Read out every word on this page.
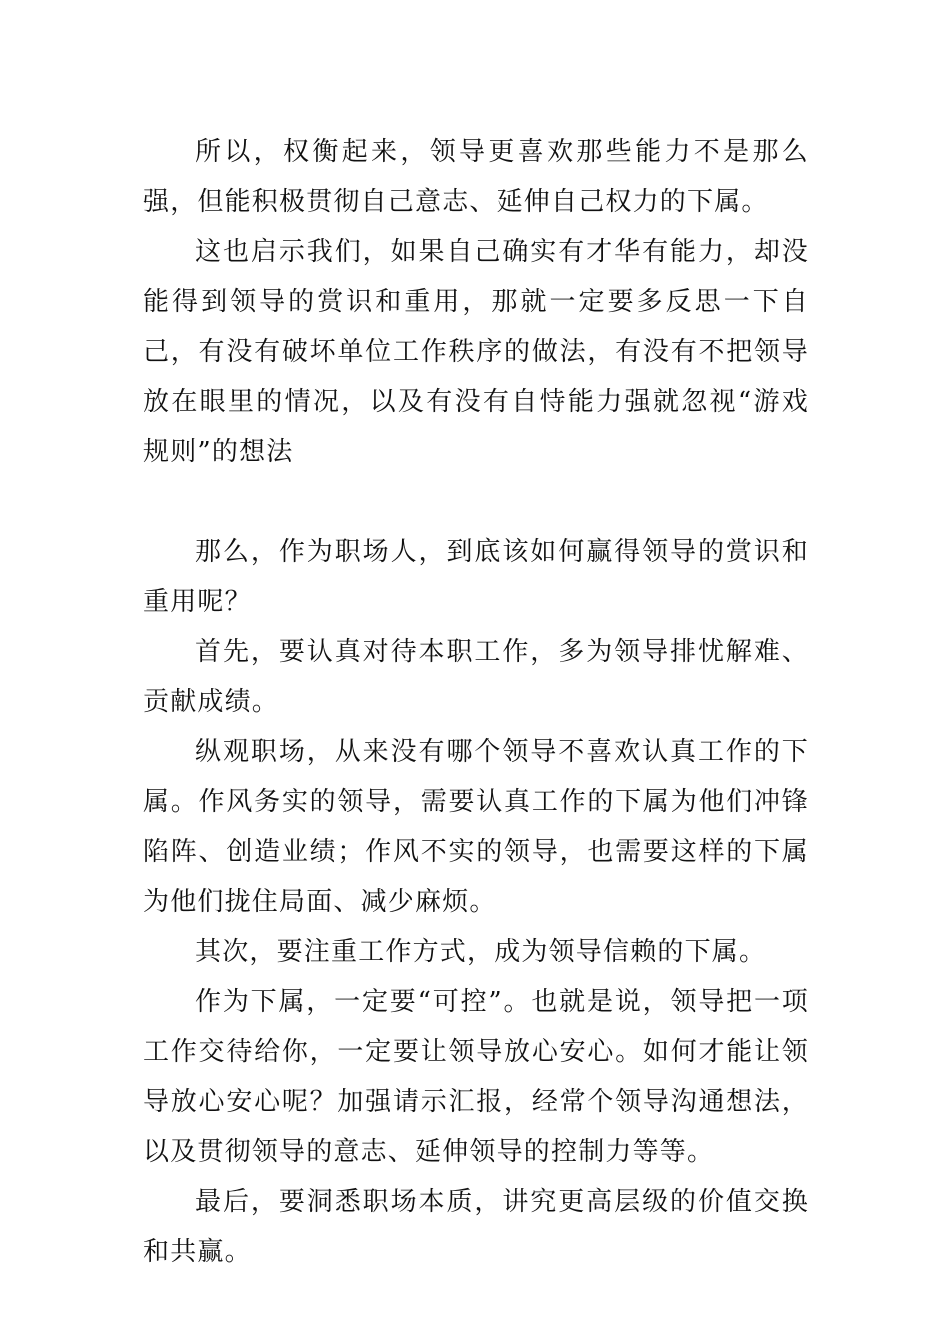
所以，权衡起来，领导更喜欢那些能力不是那么强，但能积极贯彻自己意志、延伸自己权力的下属。

这也启示我们，如果自己确实有才华有能力，却没能得到领导的赏识和重用，那就一定要多反思一下自己，有没有破坏单位工作秩序的做法，有没有不把领导放在眼里的情况，以及有没有自恃能力强就忽视“游戏规则”的想法

那么，作为职场人，到底该如何赢得领导的赏识和重用呢？

首先，要认真对待本职工作，多为领导排忧解难、贡献成绩。

纵观职场，从来没有哪个领导不喜欢认真工作的下属。作风务实的领导，需要认真工作的下属为他们冲锋陷阵、创造业绩；作风不实的领导，也需要这样的下属为他们拢住局面、减少麻烦。

其次，要注重工作方式，成为领导信赖的下属。

作为下属，一定要“可控”。也就是说，领导把一项工作交待给你，一定要让领导放心安心。如何才能让领导放心安心呢？加强请示汇报，经常个领导沟通想法，以及贯彻领导的意志、延伸领导的控制力等等。

最后，要洞悉职场本质，讲究更高层级的价值交换和共赢。
